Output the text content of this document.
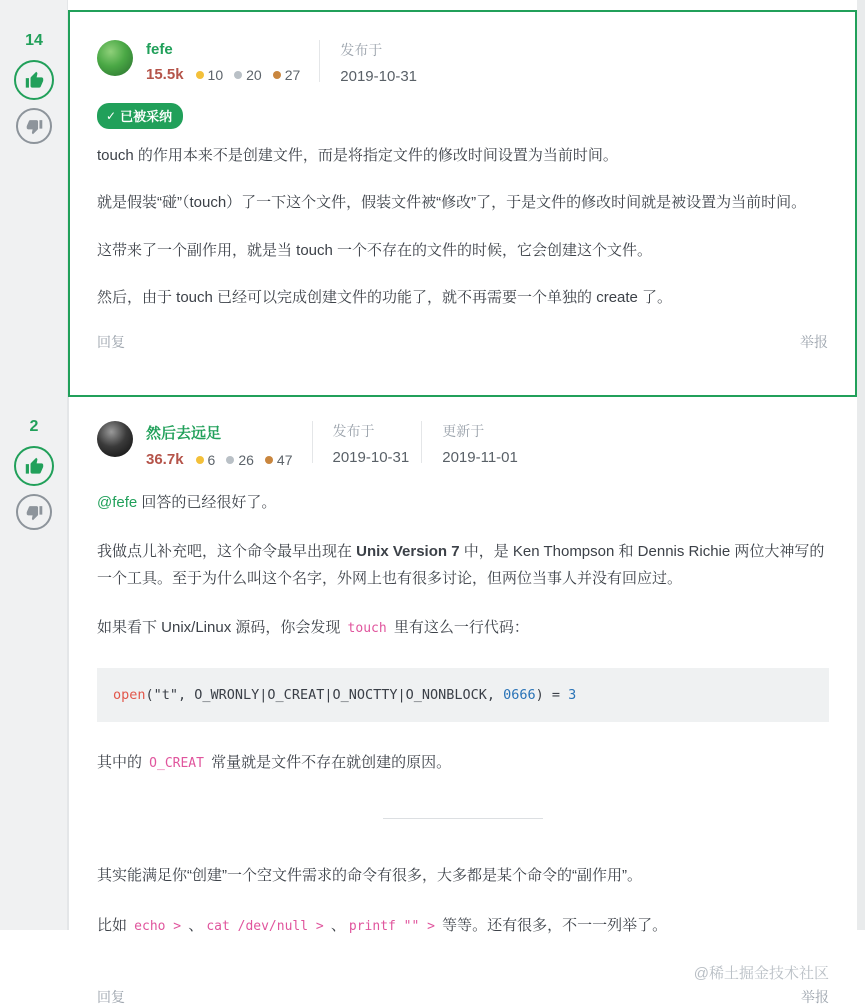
14
2
fefe
15.5k 10 20 27
发布于
2019-10-31
✓ 已被采纳

touch 的作用本来不是创建文件，而是将指定文件的修改时间设置为当前时间。

就是假装“碰”（touch）了一下这个文件，假装文件被“修改”了，于是文件的修改时间就是被设置为当前时间。

这带来了一个副作用，就是当 touch 一个不存在的文件的时候，它会创建这个文件。

然后，由于 touch 已经可以完成创建文件的功能了，就不再需要一个单独的 create 了。

回复	举报
然后去远足
36.7k 6 26 47
发布于
2019-10-31
更新于
2019-11-01

@fefe 回答的已经很好了。

我做点儿补充吧，这个命令最早出现在 Unix Version 7 中，是 Ken Thompson 和 Dennis Richie 两位大神写的一个工具。至于为什么叫这个名字，外网上也有很多讨论，但两位当事人并没有回应过。

如果看下 Unix/Linux 源码，你会发现 touch 里有这么一行代码：

open("t", O_WRONLY|O_CREAT|O_NOCTTY|O_NONBLOCK, 0666) = 3

其中的 O_CREAT 常量就是文件不存在就创建的原因。

其实能满足你“创建”一个空文件需求的命令有很多，大多都是某个命令的“副作用”。

比如 echo > 、 cat /dev/null > 、 printf "" > 等等。还有很多，不一一列举了。

回复
@稀土掘金技术社区
举报
